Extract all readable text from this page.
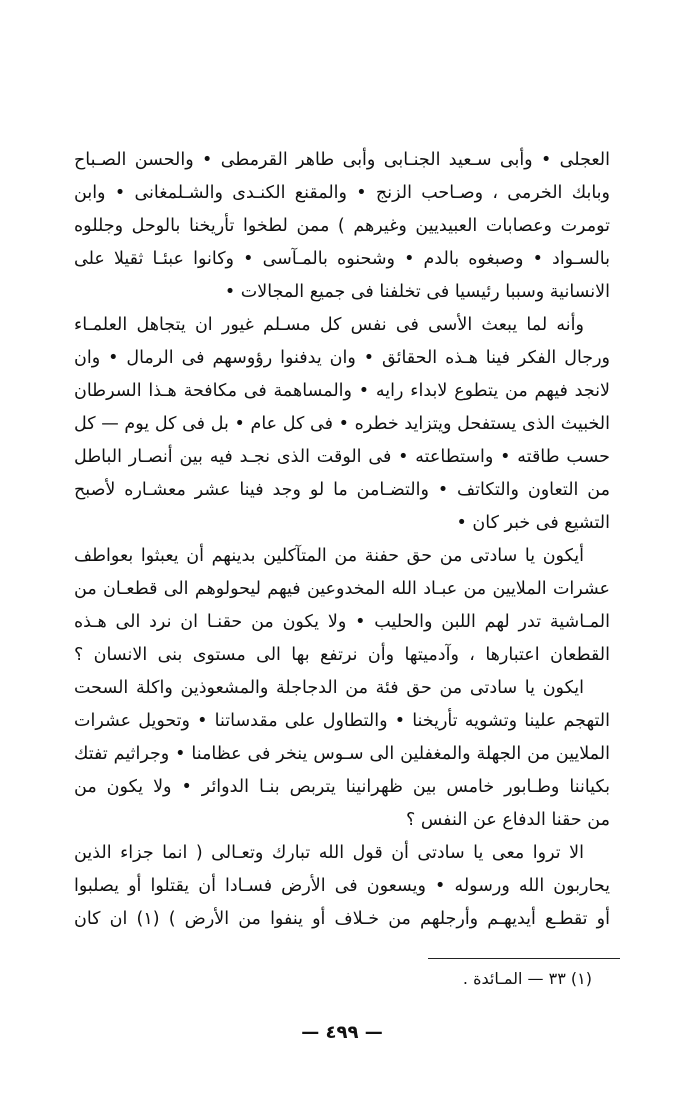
العجلى • وأبى سـعيد الجنـابى وأبى طاهر القرمطى • والحسن الصـباح
وبابك الخرمى ، وصـاحب الزنج • والمقنع الكنـدى والشـلمغانى • وابن
تومرت وعصابات العبيديين وغيرهم ) ممن لطخوا تأريخنا بالوحل وجللوه
بالسـواد • وصبغوه بالدم • وشحنوه بالمـآسى • وكانوا عبئـا ثقيلا على
الانسانية وسببا رئيسيا فى تخلفنا فى جميع المجالات •
وأنه لما يبعث الأسى فى نفس كل مسـلم غيور ان يتجاهل العلمـاء
ورجال الفكر فينا هـذه الحقائق • وان يدفنوا رؤوسهم فى الرمال • وان
لانجد فيهم من يتطوع لابداء رايه • والمساهمة فى مكافحة هـذا السرطان
الخبيث الذى يستفحل ويتزايد خطره • فى كل عام • بل فى كل يوم — كل
حسب طاقته • واستطاعته • فى الوقت الذى نجـد فيه بين أنصـار الباطل
من التعاون والتكاتف • والتضـامن ما لو وجد فينا عشر معشـاره لأصبح
التشيع فى خبر كان •
أيكون يا سادتى من حق حفنة من المتآكلين بدينهم أن يعبثوا بعواطف
عشرات الملايين من عبـاد الله المخدوعين فيهم ليحولوهم الى قطعـان من
المـاشية تدر لهم اللبن والحليب • ولا يكون من حقنـا ان نرد الى هـذه
القطعان اعتبارها ، وآدميتها وأن نرتفع بها الى مستوى بنى الانسان ؟
ايكون يا سادتى من حق فئة من الدجاجلة والمشعوذين واكلة السحت
التهجم علينا وتشويه تأريخنا • والتطاول على مقدساتنا • وتحويل عشرات
الملايين من الجهلة والمغفلين الى سـوس ينخر فى عظامنا • وجراثيم تفتك
بكياننا وطـابور خامس بين ظهرانينا يتربص بنـا الدوائر • ولا يكون من
من حقنا الدفاع عن النفس ؟
الا تروا معى يا سادتى أن قول الله تبارك وتعـالى ( انما جزاء الذين
يحاربون الله ورسوله • ويسعون فى الأرض فسـادا أن يقتلوا أو يصلبوا
أو تقطـع أيديهـم وأرجلهم من خـلاف أو ينفوا من الأرض ) (١) ان كان
(١) ٣٣ — المـائدة .
— ٤٩٩ —
